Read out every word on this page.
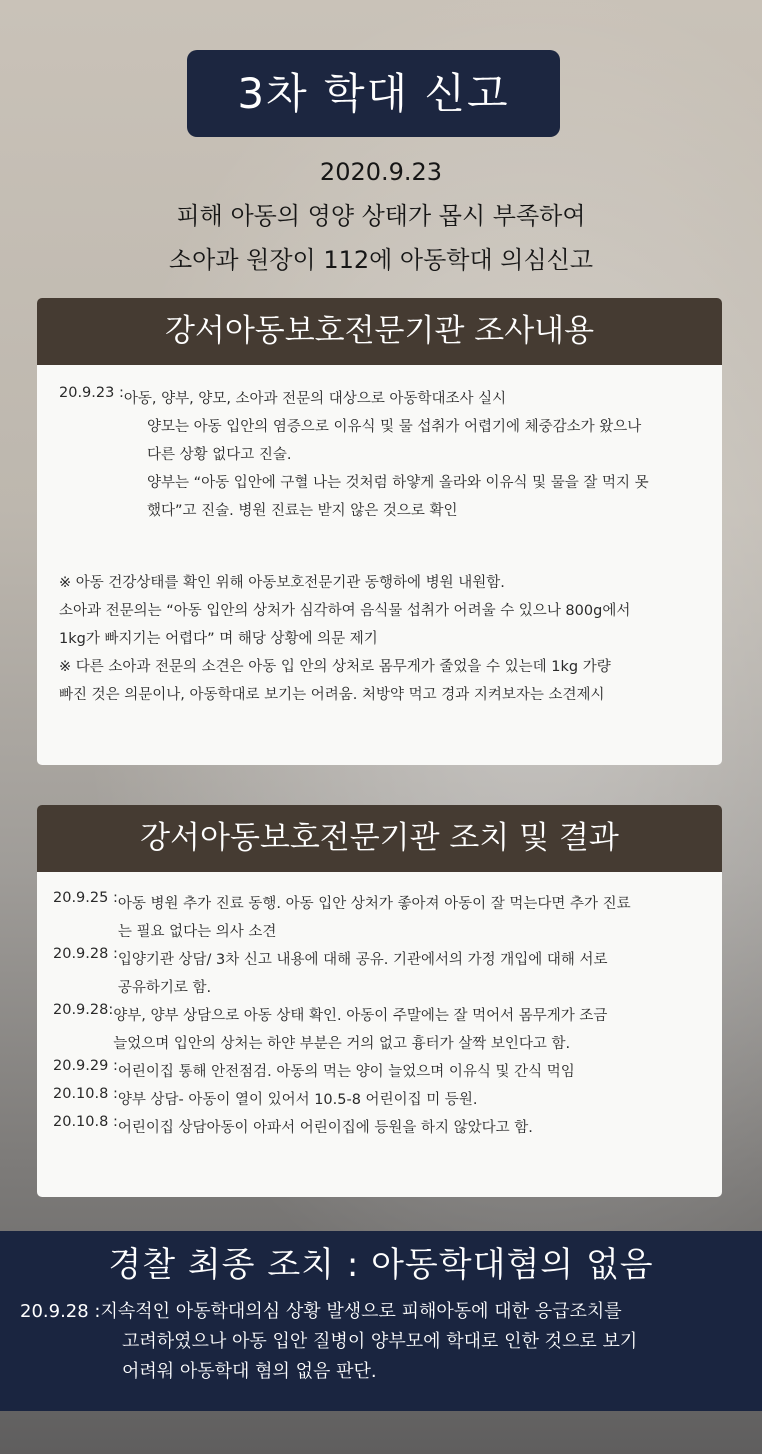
3차 학대 신고
2020.9.23
피해 아동의 영양 상태가 몹시 부족하여
소아과 원장이 112에 아동학대 의심신고
강서아동보호전문기관 조사내용
20.9.23 : 아동, 양부, 양모, 소아과 전문의 대상으로 아동학대조사 실시
양모는 아동 입안의 염증으로 이유식 및 물 섭취가 어렵기에 체중감소가 왔으나
다른 상황 없다고 진술.
양부는 “아동 입안에 구혈 나는 것처럼 하얗게 올라와 이유식 및 물을 잘 먹지 못
했다”고 진술. 병원 진료는 받지 않은 것으로 확인
※ 아동 건강상태를 확인 위해 아동보호전문기관 동행하에 병원 내원함.
소아과 전문의는 “아동 입안의 상처가 심각하여 음식물 섭취가 어려울 수 있으나 800g에서
1kg가 빠지기는 어렵다” 며 해당 상황에 의문 제기
※ 다른 소아과 전문의 소견은 아동 입 안의 상처로 몸무게가 줄었을 수 있는데 1kg 가량
빠진 것은 의문이나, 아동학대로 보기는 어려움. 처방약 먹고 경과 지켜보자는 소견제시
강서아동보호전문기관 조치 및 결과
20.9.25 : 아동 병원 추가 진료 동행. 아동 입안 상처가 좋아져 아동이 잘 먹는다면 추가 진료
는 필요 없다는 의사 소견
20.9.28 : 입양기관 상담/ 3차 신고 내용에 대해 공유. 기관에서의 가정 개입에 대해 서로
공유하기로 함.
20.9.28: 양부, 양부 상담으로 아동 상태 확인. 아동이 주말에는 잘 먹어서 몸무게가 조금
늘었으며 입안의 상처는 하얀 부분은 거의 없고 흉터가 살짝 보인다고 함.
20.9.29 : 어린이집 통해 안전점검. 아동의 먹는 양이 늘었으며 이유식 및 간식 먹임
20.10.8 : 양부 상담- 아동이 열이 있어서 10.5-8 어린이집 미 등원.
20.10.8 : 어린이집 상담아동이 아파서 어린이집에 등원을 하지 않았다고 함.
경찰 최종 조치 : 아동학대혐의 없음
20.9.28 : 지속적인 아동학대의심 상황 발생으로 피해아동에 대한 응급조치를
고려하였으나 아동 입안 질병이 양부모에 학대로 인한 것으로 보기
어려워 아동학대 혐의 없음 판단.
